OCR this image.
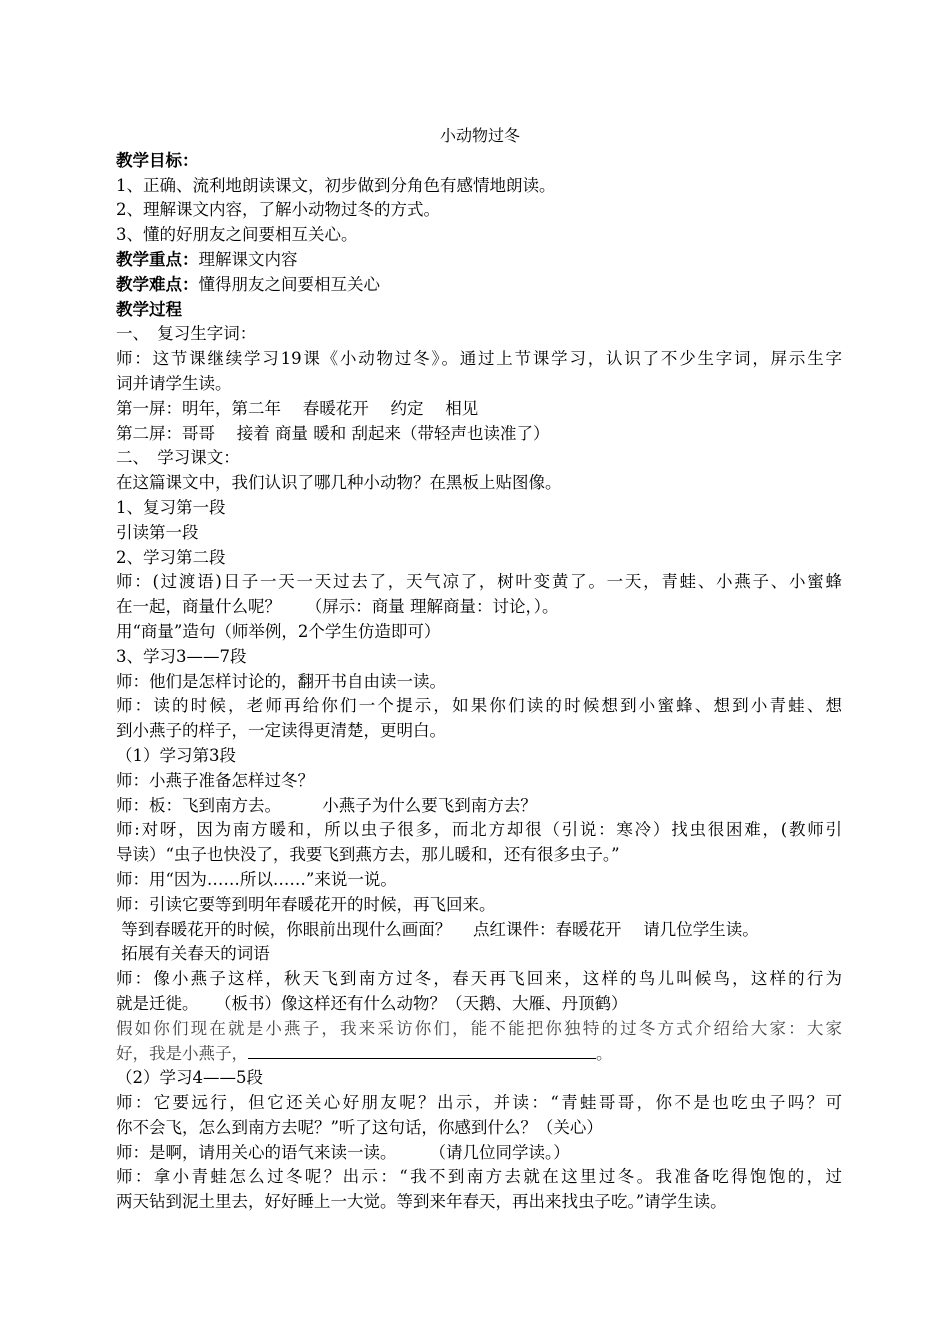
小动物过冬
教学目标：
1、正确、流利地朗读课文，初步做到分角色有感情地朗读。
2、理解课文内容，了解小动物过冬的方式。
3、懂的好朋友之间要相互关心。
教学重点：理解课文内容
教学难点：懂得朋友之间要相互关心
教学过程
一、　复习生字词：
师：这节课继续学习19课《小动物过冬》。通过上节课学习，认识了不少生字词，屏示生字
词并请学生读。
第一屏：明年，第二年　 春暖花开 　约定　 相见
第二屏：哥哥　 接着 商量 暖和 刮起来（带轻声也读准了）
二、　学习课文：
在这篇课文中，我们认识了哪几种小动物？在黑板上贴图像。
1、复习第一段
引读第一段
2、学习第二段
师：(过渡语)日子一天一天过去了，天气凉了，树叶变黄了。一天，青蛙、小燕子、小蜜蜂
在一起，商量什么呢？　　（屏示：商量 理解商量：讨论，）。
用“商量”造句（师举例，2个学生仿造即可）
3、学习3——7段
师：他们是怎样讨论的，翻开书自由读一读。
师：读的时候，老师再给你们一个提示，如果你们读的时候想到小蜜蜂、想到小青蛙、想
到小燕子的样子，一定读得更清楚，更明白。
（1）学习第3段
师：小燕子准备怎样过冬？
师：板：飞到南方去。　　　小燕子为什么要飞到南方去？
师:对呀，因为南方暖和，所以虫子很多，而北方却很（引说：寒冷）找虫很困难，(教师引
导读）“虫子也快没了，我要飞到燕方去，那儿暖和，还有很多虫子。”
师：用“因为……所以……”来说一说。
师：引读它要等到明年春暖花开的时候，再飞回来。
等到春暖花开的时候，你眼前出现什么画面？　 点红课件：春暖花开　 请几位学生读。
拓展有关春天的词语
师：像小燕子这样，秋天飞到南方过冬，春天再飞回来，这样的鸟儿叫候鸟，这样的行为
就是迁徙。　　（板书）像这样还有什么动物？（天鹅、大雁、丹顶鹤）
假如你们现在就是小燕子，我来采访你们，能不能把你独特的过冬方式介绍给大家：大家
好，我是小燕子，	。
（2）学习4——5段
师：它要远行，但它还关心好朋友呢？出示，并读：“青蛙哥哥，你不是也吃虫子吗？可
你不会飞，怎么到南方去呢？”听了这句话，你感到什么？（关心）
师：是啊，请用关心的语气来读一读。　　　（请几位同学读。）
师：拿小青蛙怎么过冬呢？出示：“我不到南方去就在这里过冬。我准备吃得饱饱的，过
两天钻到泥土里去，好好睡上一大觉。等到来年春天，再出来找虫子吃。”请学生读。
